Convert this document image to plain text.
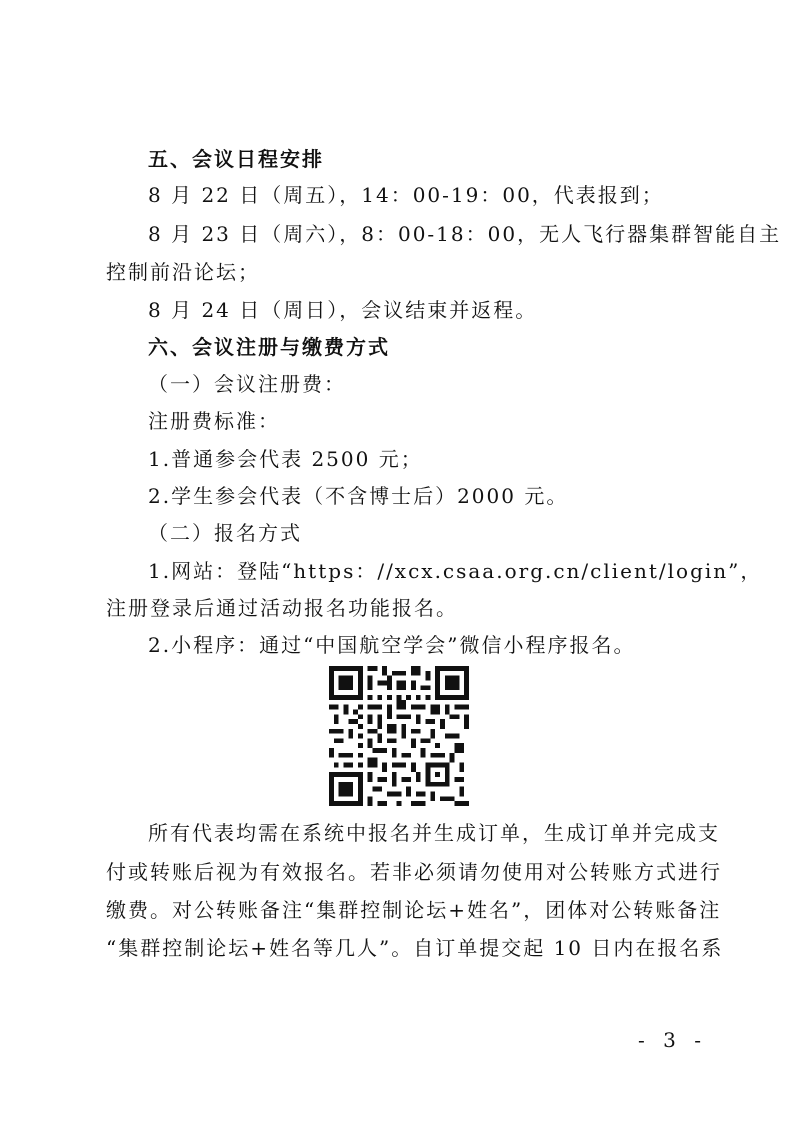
五、会议日程安排
8 月 22 日（周五），14：00-19：00，代表报到；
8 月 23 日（周六），8：00-18：00，无人飞行器集群智能自主
控制前沿论坛；
8 月 24 日（周日），会议结束并返程。
六、会议注册与缴费方式
（一）会议注册费：
注册费标准：
1.普通参会代表 2500 元；
2.学生参会代表（不含博士后）2000 元。
（二）报名方式
1.网站：登陆“https：//xcx.csaa.org.cn/client/login”，
注册登录后通过活动报名功能报名。
2.小程序：通过“中国航空学会”微信小程序报名。
所有代表均需在系统中报名并生成订单，生成订单并完成支
付或转账后视为有效报名。若非必须请勿使用对公转账方式进行
缴费。对公转账备注“集群控制论坛+姓名”，团体对公转账备注
“集群控制论坛+姓名等几人”。自订单提交起 10 日内在报名系
- 3 -
